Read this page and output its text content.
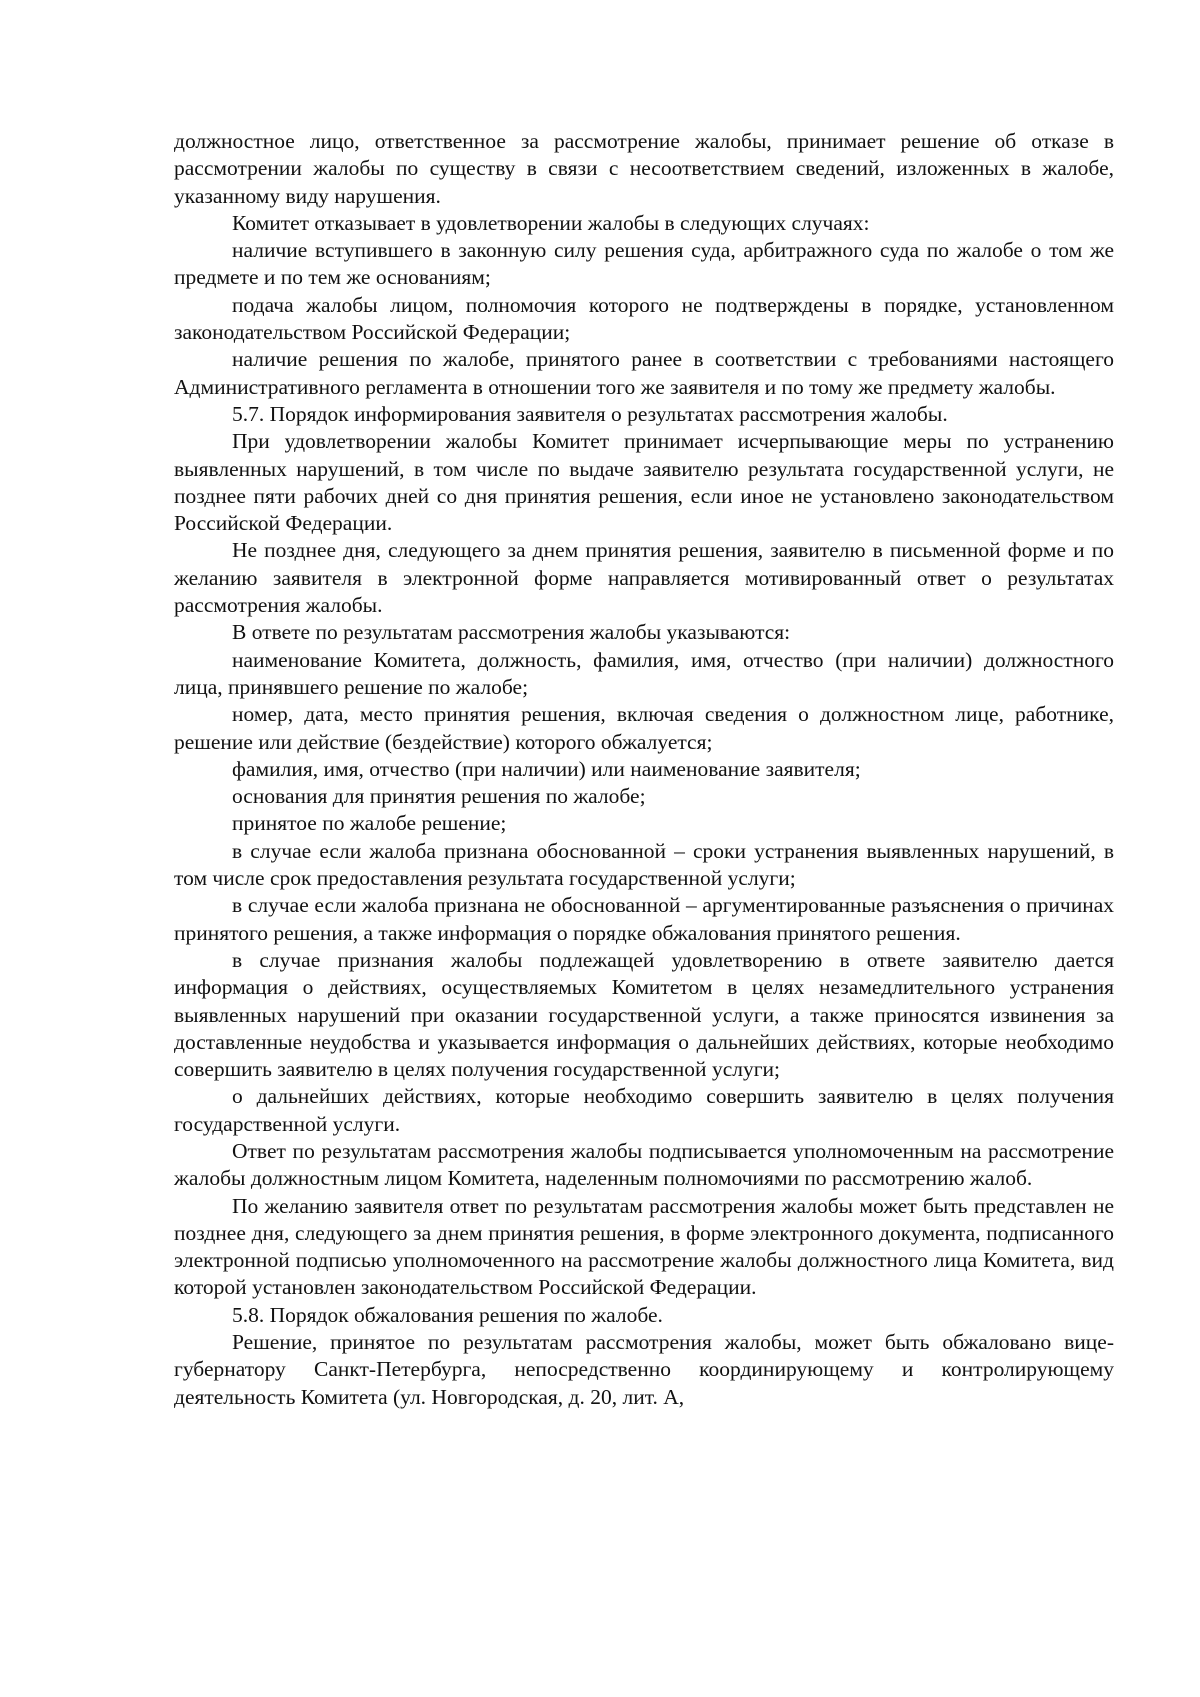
должностное лицо, ответственное за рассмотрение жалобы, принимает решение об отказе в рассмотрении жалобы по существу в связи с несоответствием сведений, изложенных в жалобе, указанному виду нарушения.

Комитет отказывает в удовлетворении жалобы в следующих случаях:

наличие вступившего в законную силу решения суда, арбитражного суда по жалобе о том же предмете и по тем же основаниям;

подача жалобы лицом, полномочия которого не подтверждены в порядке, установленном законодательством Российской Федерации;

наличие решения по жалобе, принятого ранее в соответствии с требованиями настоящего Административного регламента в отношении того же заявителя и по тому же предмету жалобы.

5.7. Порядок информирования заявителя о результатах рассмотрения жалобы.

При удовлетворении жалобы Комитет принимает исчерпывающие меры по устранению выявленных нарушений, в том числе по выдаче заявителю результата государственной услуги, не позднее пяти рабочих дней со дня принятия решения, если иное не установлено законодательством Российской Федерации.

Не позднее дня, следующего за днем принятия решения, заявителю в письменной форме и по желанию заявителя в электронной форме направляется мотивированный ответ о результатах рассмотрения жалобы.

В ответе по результатам рассмотрения жалобы указываются:

наименование Комитета, должность, фамилия, имя, отчество (при наличии) должностного лица, принявшего решение по жалобе;

номер, дата, место принятия решения, включая сведения о должностном лице, работнике, решение или действие (бездействие) которого обжалуется;

фамилия, имя, отчество (при наличии) или наименование заявителя;

основания для принятия решения по жалобе;

принятое по жалобе решение;

в случае если жалоба признана обоснованной – сроки устранения выявленных нарушений, в том числе срок предоставления результата государственной услуги;

в случае если жалоба признана не обоснованной – аргументированные разъяснения о причинах принятого решения, а также информация о порядке обжалования принятого решения.

в случае признания жалобы подлежащей удовлетворению в ответе заявителю дается информация о действиях, осуществляемых Комитетом в целях незамедлительного устранения выявленных нарушений при оказании государственной услуги, а также приносятся извинения за доставленные неудобства и указывается информация о дальнейших действиях, которые необходимо совершить заявителю в целях получения государственной услуги;

о дальнейших действиях, которые необходимо совершить заявителю в целях получения государственной услуги.

Ответ по результатам рассмотрения жалобы подписывается уполномоченным на рассмотрение жалобы должностным лицом Комитета, наделенным полномочиями по рассмотрению жалоб.

По желанию заявителя ответ по результатам рассмотрения жалобы может быть представлен не позднее дня, следующего за днем принятия решения, в форме электронного документа, подписанного электронной подписью уполномоченного на рассмотрение жалобы должностного лица Комитета, вид которой установлен законодательством Российской Федерации.

5.8. Порядок обжалования решения по жалобе.

Решение, принятое по результатам рассмотрения жалобы, может быть обжаловано вице-губернатору Санкт-Петербурга, непосредственно координирующему и контролирующему деятельность Комитета (ул. Новгородская, д. 20, лит. А,
